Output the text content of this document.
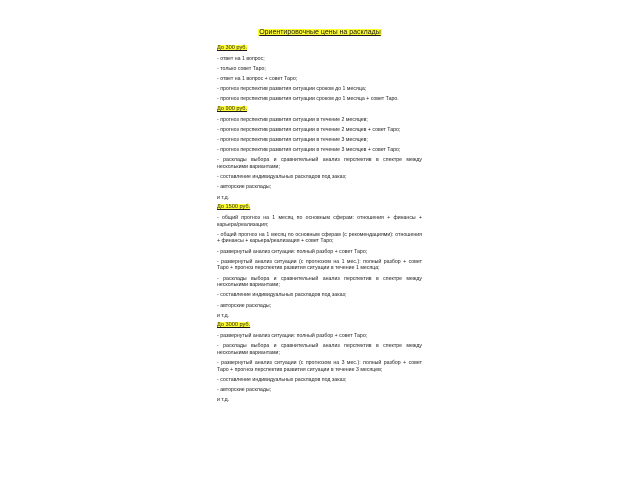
Ориентировочные цены на расклады

До 300 руб.

- ответ на 1 вопрос;

- только совет Таро;

- ответ на 1 вопрос + совет Таро;

- прогноз перспектив развития ситуации сроком до 1 месяца;

- прогноз перспектив развития ситуации сроком до 1 месяца + совет Таро.

До 900 руб.

- прогноз перспектив развития ситуации в течение 2 месяцев;

- прогноз перспектив развития ситуации в течение 2 месяцев + совет Таро;

- прогноз перспектив развития ситуации в течение 3 месяцев;

- прогноз перспектив развития ситуации в течение 3 месяцев + совет Таро;

- расклады выбора и сравнительный анализ перспектив в спектре между несколькими вариантами;

- составление индивидуальных раскладов под заказ;

- авторские расклады;

и т.д.

До 1500 руб.

- общий прогноз на 1 месяц по основным сферам: отношения + финансы + карьера/реализация;

- общий прогноз на 1 месяц по основным сферам (с рекомендациями): отношения + финансы + карьера/реализация + совет Таро;

- развернутый анализ ситуации: полный разбор + совет Таро;

- развернутый анализ ситуации (с прогнозом на 1 мес.): полный разбор + совет Таро + прогноз перспектив развития ситуации в течение 1 месяца;

- расклады выбора и сравнительный анализ перспектив в спектре между несколькими вариантами;

- составление индивидуальных раскладов под заказ;

- авторские расклады;

и т.д.

До 3000 руб.

- развернутый анализ ситуации: полный разбор + совет Таро;

- расклады выбора и сравнительный анализ перспектив в спектре между несколькими вариантами;

- развернутый анализ ситуации (с прогнозом на 3 мес.): полный разбор + совет Таро + прогноз перспектив развития ситуации в течение 3 месяцев;

- составление индивидуальных раскладов под заказ;

- авторские расклады;

и т.д.
